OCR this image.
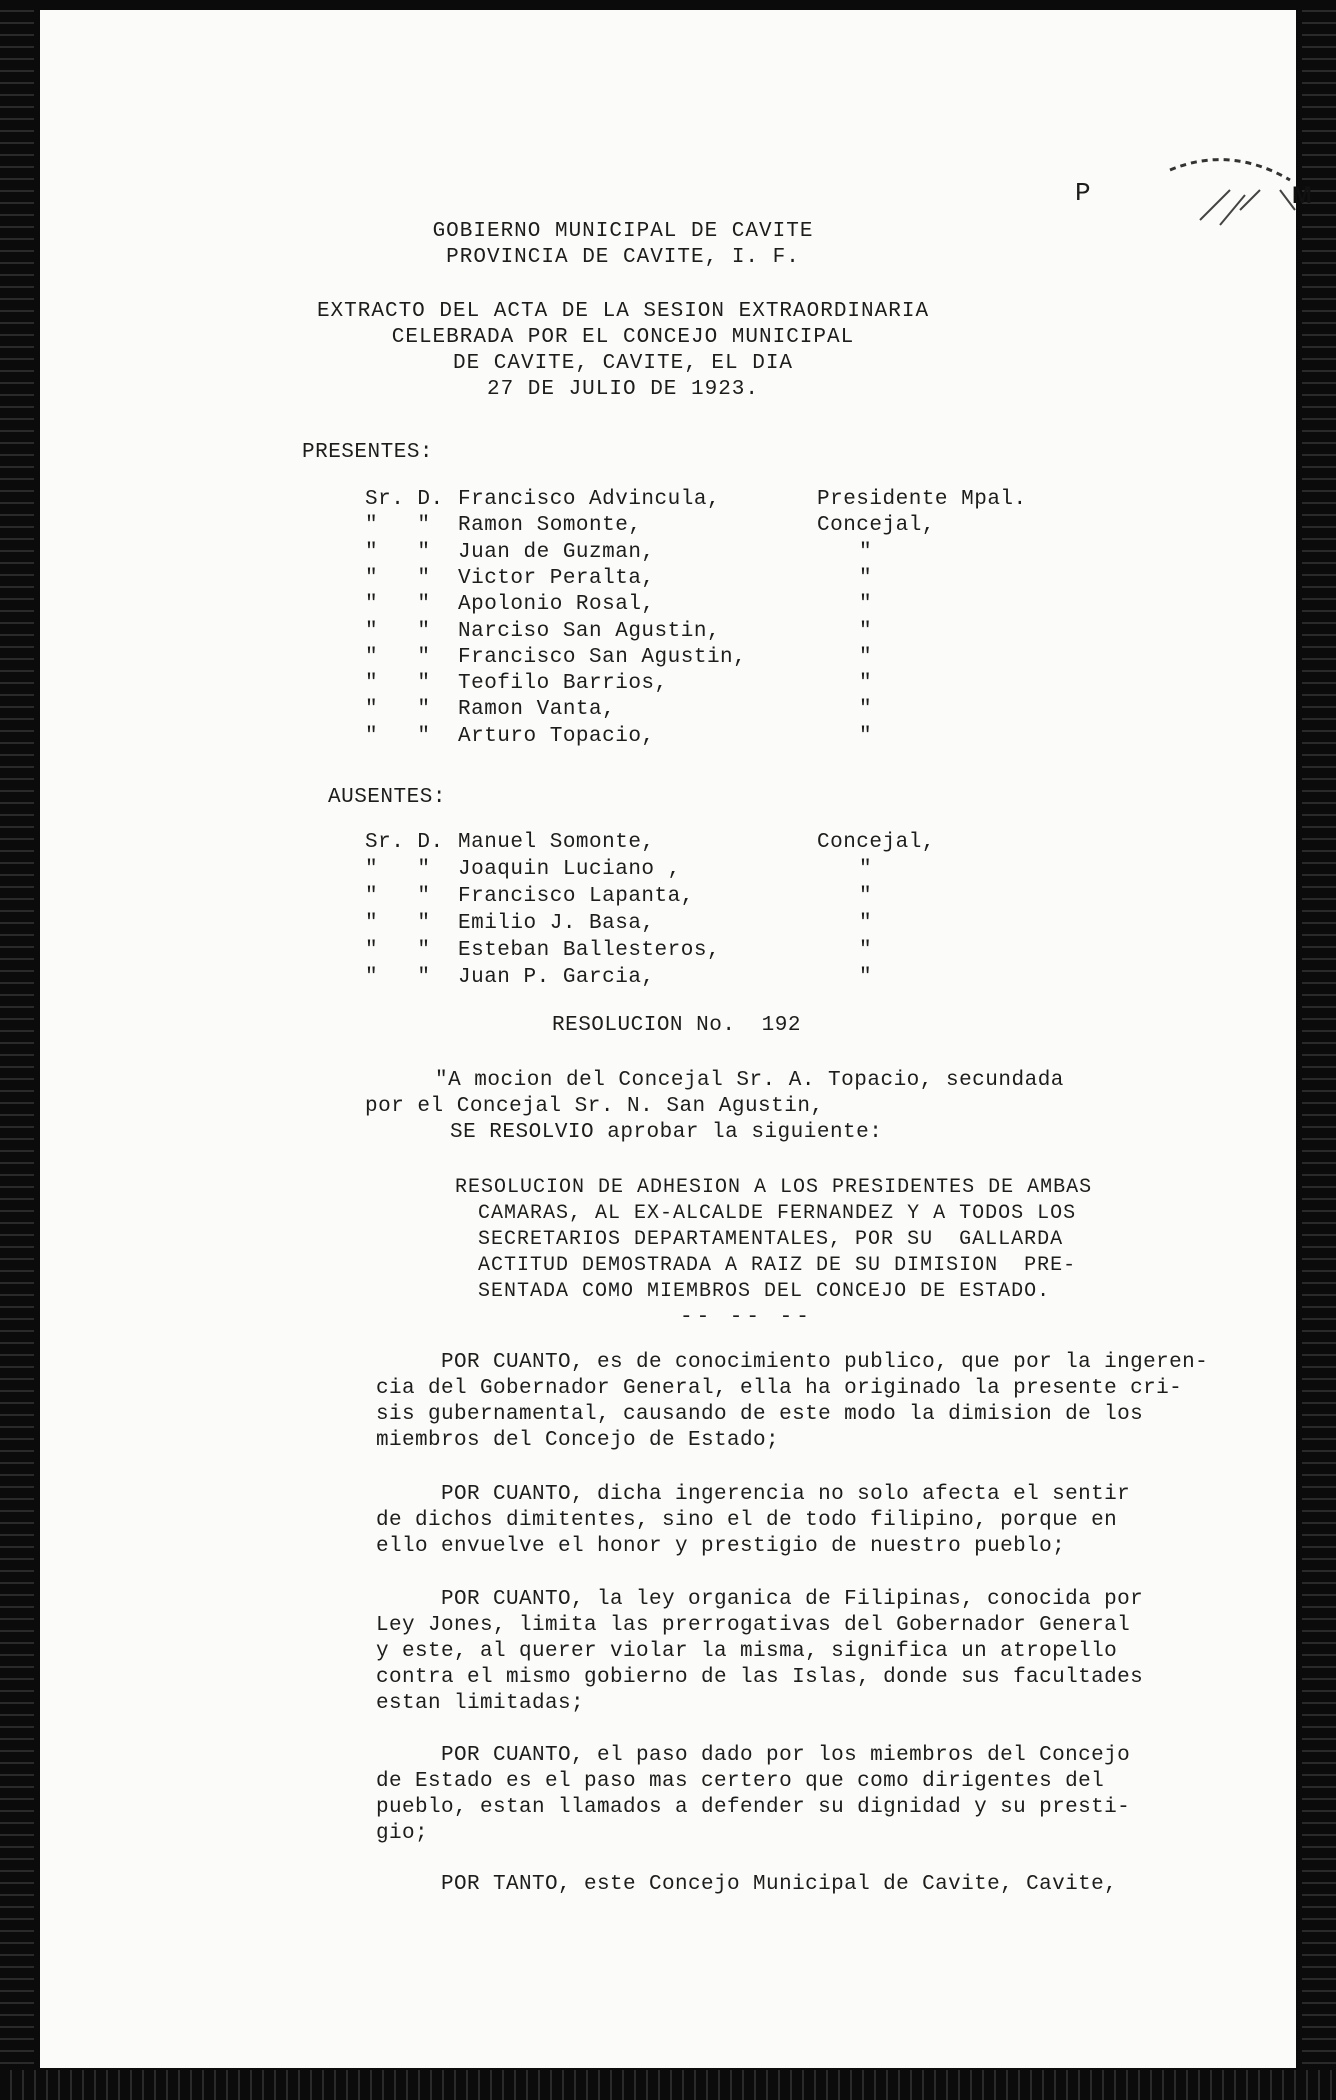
P	M
GOBIERNO MUNICIPAL DE CAVITE
PROVINCIA DE CAVITE, I. F.
EXTRACTO DEL ACTA DE LA SESION EXTRAORDINARIA
CELEBRADA POR EL CONCEJO MUNICIPAL
DE CAVITE, CAVITE, EL DIA
27 DE JULIO DE 1923.
PRESENTES:
Sr. D. Francisco Advincula,	Presidente Mpal.
"   " Ramon Somonte,	Concejal,
"   " Juan de Guzman,	"
"   " Victor Peralta,	"
"   " Apolonio Rosal,	"
"   " Narciso San Agustin,	"
"   " Francisco San Agustin,	"
"   " Teofilo Barrios,	"
"   " Ramon Vanta,	"
"   " Arturo Topacio,	"
AUSENTES:
Sr. D. Manuel Somonte,	Concejal,
"   " Joaquin Luciano ,	"
"   " Francisco Lapanta,	"
"   " Emilio J. Basa,	"
"   " Esteban Ballesteros,	"
"   " Juan P. Garcia,	"
RESOLUCION No.  192
"A mocion del Concejal Sr. A. Topacio, secundada
por el Concejal Sr. N. San Agustin,
SE RESOLVIO aprobar la siguiente:
RESOLUCION DE ADHESION A LOS PRESIDENTES DE AMBAS
CAMARAS, AL EX-ALCALDE FERNANDEZ Y A TODOS LOS
SECRETARIOS DEPARTAMENTALES, POR SU  GALLARDA
ACTITUD DEMOSTRADA A RAIZ DE SU DIMISION  PRE-
SENTADA COMO MIEMBROS DEL CONCEJO DE ESTADO.
-- -- --
POR CUANTO, es de conocimiento publico, que por la ingeren-
cia del Gobernador General, ella ha originado la presente cri-
sis gubernamental, causando de este modo la dimision de los
miembros del Concejo de Estado;
POR CUANTO, dicha ingerencia no solo afecta el sentir
de dichos dimitentes, sino el de todo filipino, porque en
ello envuelve el honor y prestigio de nuestro pueblo;
POR CUANTO, la ley organica de Filipinas, conocida por
Ley Jones, limita las prerrogativas del Gobernador General
y este, al querer violar la misma, significa un atropello
contra el mismo gobierno de las Islas, donde sus facultades
estan limitadas;
POR CUANTO, el paso dado por los miembros del Concejo
de Estado es el paso mas certero que como dirigentes del
pueblo, estan llamados a defender su dignidad y su presti-
gio;
POR TANTO, este Concejo Municipal de Cavite, Cavite,
